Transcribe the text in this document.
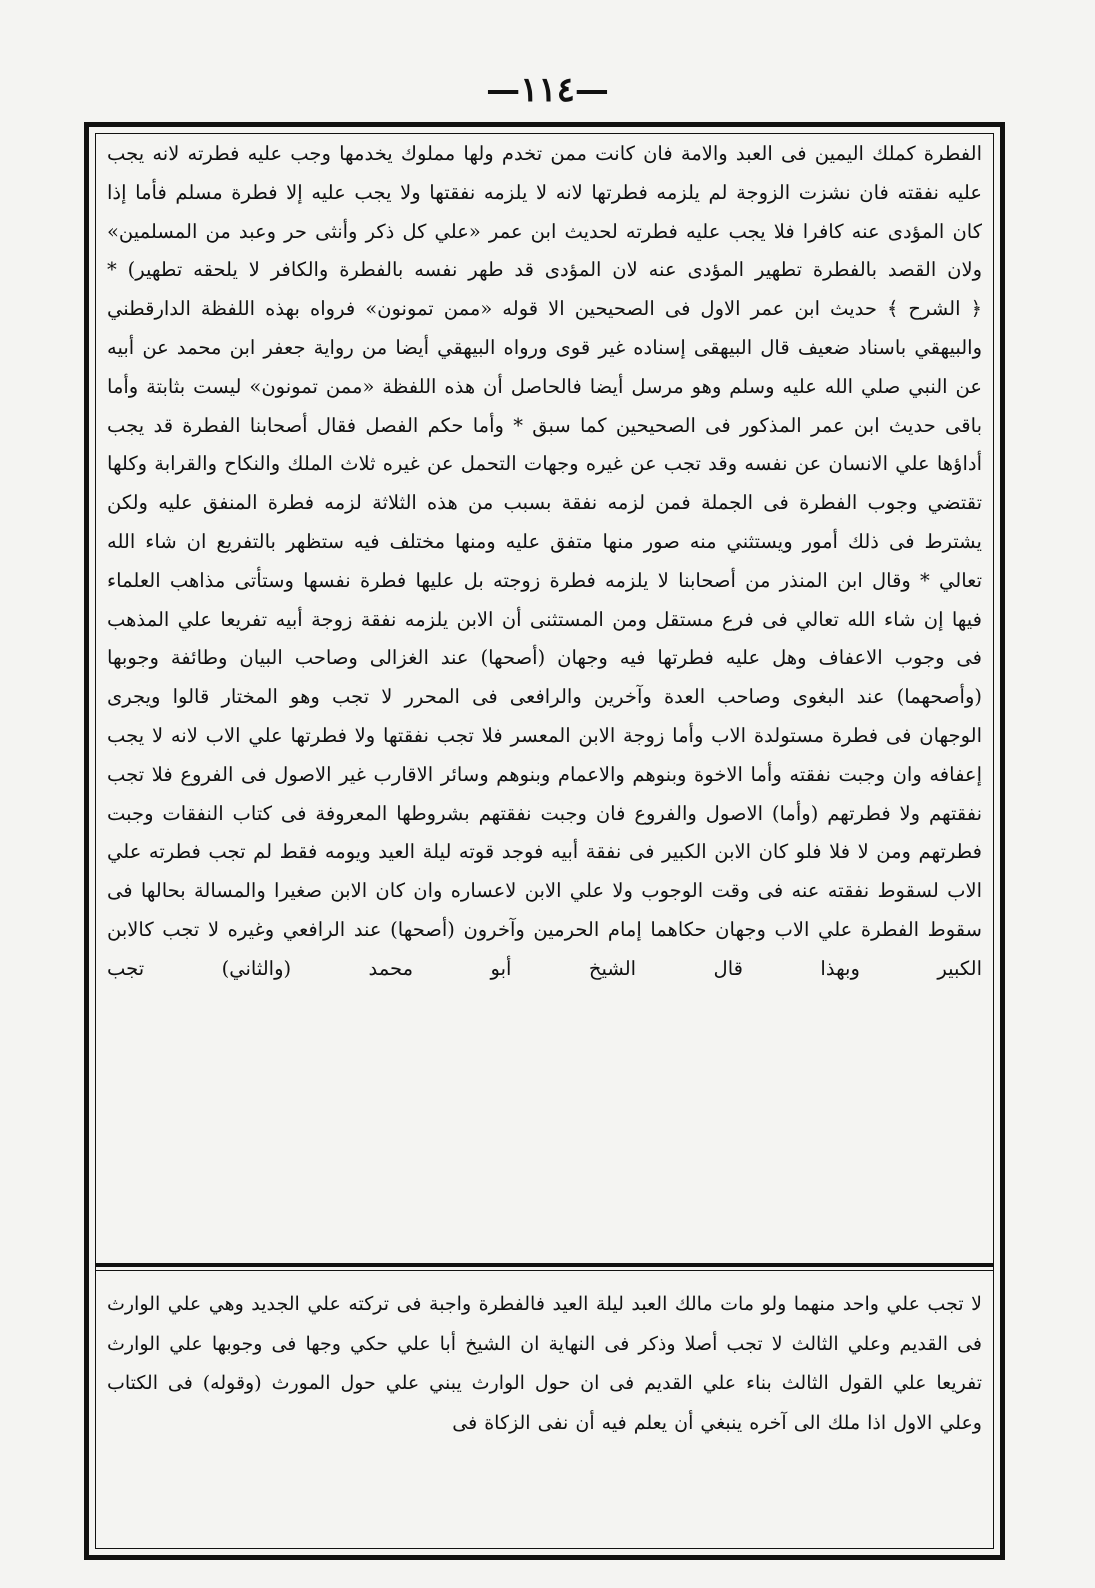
—١١٤—

الفطرة كملك اليمين فى العبد والامة فان كانت ممن تخدم ولها مملوك يخدمها وجب عليه فطرته لانه يجب عليه نفقته فان نشزت الزوجة لم يلزمه فطرتها لانه لا يلزمه نفقتها ولا يجب عليه إلا فطرة مسلم فأما إذا كان المؤدى عنه كافرا فلا يجب عليه فطرته لحديث ابن عمر «علي كل ذكر وأنثى حر وعبد من المسلمين» ولان القصد بالفطرة تطهير المؤدى عنه لان المؤدى قد طهر نفسه بالفطرة والكافر لا يلحقه تطهير) *

﴿ الشرح ﴾ حديث ابن عمر الاول فى الصحيحين الا قوله «ممن تمونون» فرواه بهذه اللفظة الدارقطني والبيهقي باسناد ضعيف قال البيهقى إسناده غير قوى ورواه البيهقي أيضا من رواية جعفر ابن محمد عن أبيه عن النبي صلي الله عليه وسلم وهو مرسل أيضا فالحاصل أن هذه اللفظة «ممن تمونون» ليست بثابتة وأما باقى حديث ابن عمر المذكور فى الصحيحين كما سبق * وأما حكم الفصل فقال أصحابنا الفطرة قد يجب أداؤها علي الانسان عن نفسه وقد تجب عن غيره وجهات التحمل عن غيره ثلاث الملك والنكاح والقرابة وكلها تقتضي وجوب الفطرة فى الجملة فمن لزمه نفقة بسبب من هذه الثلاثة لزمه فطرة المنفق عليه ولكن يشترط فى ذلك أمور ويستثني منه صور منها متفق عليه ومنها مختلف فيه ستظهر بالتفريع ان شاء الله تعالي * وقال ابن المنذر من أصحابنا لا يلزمه فطرة زوجته بل عليها فطرة نفسها وستأتى مذاهب العلماء فيها إن شاء الله تعالي فى فرع مستقل ومن المستثنى أن الابن يلزمه نفقة زوجة أبيه تفريعا علي المذهب فى وجوب الاعفاف وهل عليه فطرتها فيه وجهان (أصحها) عند الغزالى وصاحب البيان وطائفة وجوبها (وأصحهما) عند البغوى وصاحب العدة وآخرين والرافعى فى المحرر لا تجب وهو المختار قالوا ويجرى الوجهان فى فطرة مستولدة الاب وأما زوجة الابن المعسر فلا تجب نفقتها ولا فطرتها علي الاب لانه لا يجب إعفافه وان وجبت نفقته وأما الاخوة وبنوهم والاعمام وبنوهم وسائر الاقارب غير الاصول فى الفروع فلا تجب نفقتهم ولا فطرتهم (وأما) الاصول والفروع فان وجبت نفقتهم بشروطها المعروفة فى كتاب النفقات وجبت فطرتهم ومن لا فلا فلو كان الابن الكبير فى نفقة أبيه فوجد قوته ليلة العيد ويومه فقط لم تجب فطرته علي الاب لسقوط نفقته عنه فى وقت الوجوب ولا علي الابن لاعساره وان كان الابن صغيرا والمسالة بحالها فى سقوط الفطرة علي الاب وجهان حكاهما إمام الحرمين وآخرون (أصحها) عند الرافعي وغيره لا تجب كالابن الكبير وبهذا قال الشيخ أبو محمد (والثاني) تجب

لا تجب علي واحد منهما ولو مات مالك العبد ليلة العيد فالفطرة واجبة فى تركته علي الجديد وهي علي الوارث فى القديم وعلي الثالث لا تجب أصلا وذكر فى النهاية ان الشيخ أبا علي حكي وجها فى وجوبها علي الوارث تفريعا علي القول الثالث بناء علي القديم فى ان حول الوارث يبني علي حول المورث (وقوله) فى الكتاب وعلي الاول اذا ملك الى آخره ينبغي أن يعلم فيه أن نفى الزكاة فى
